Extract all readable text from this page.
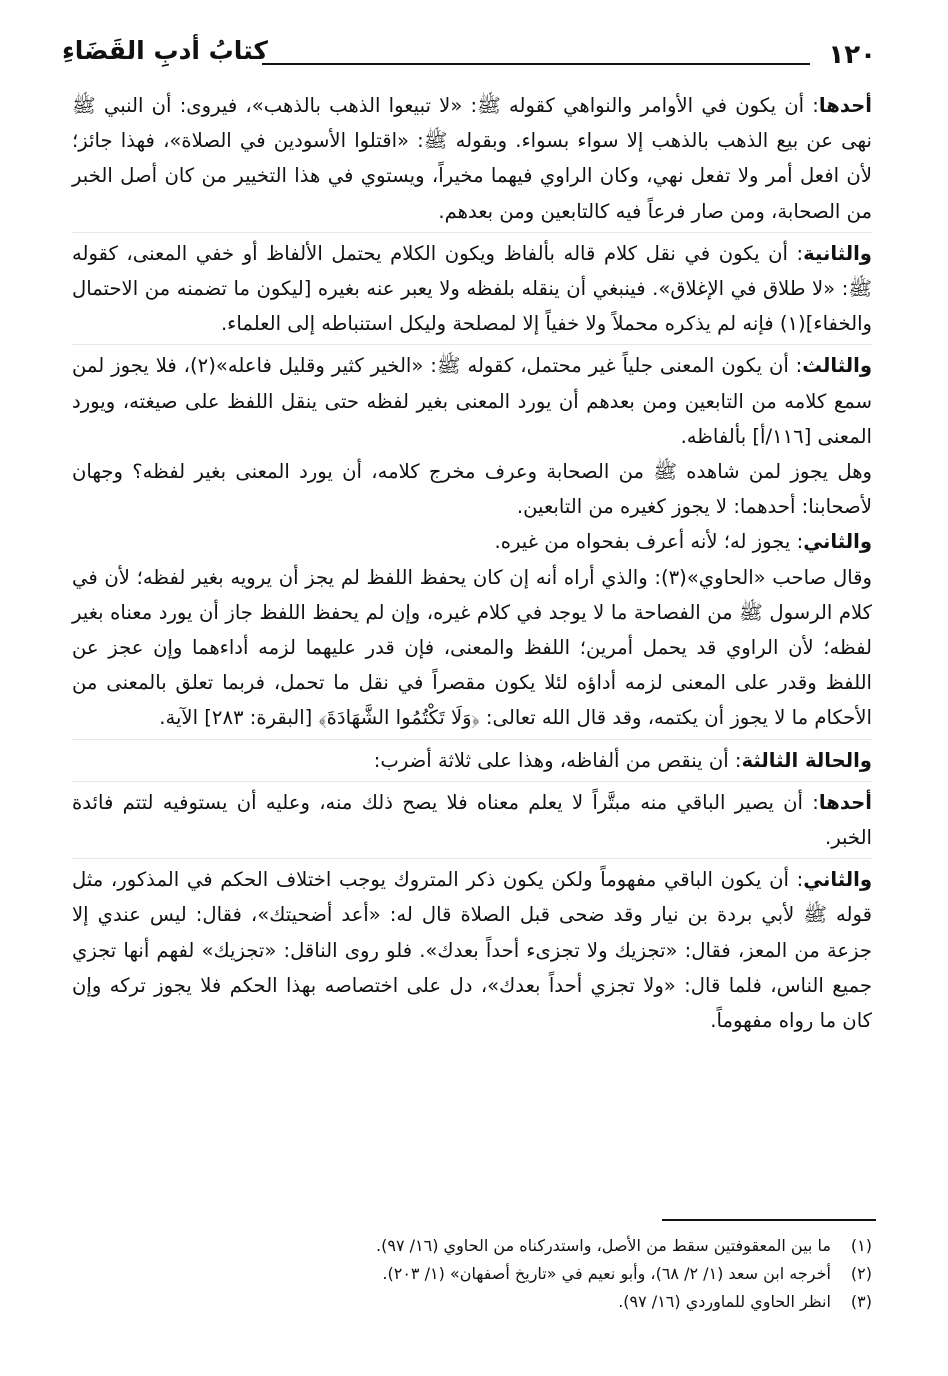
١٢٠
كتابُ أدبِ القَضَاءِ

أحدها: أن يكون في الأوامر والنواهي كقوله ﷺ: «لا تبيعوا الذهب بالذهب»، فيروى: أن النبي ﷺ نهى عن بيع الذهب بالذهب إلا سواء بسواء. وبقوله ﷺ: «اقتلوا الأسودين في الصلاة»، فهذا جائز؛ لأن افعل أمر ولا تفعل نهي، وكان الراوي فيهما مخيراً، ويستوي في هذا التخيير من كان أصل الخبر من الصحابة، ومن صار فرعاً فيه كالتابعين ومن بعدهم.

والثانية: أن يكون في نقل كلام قاله بألفاظ ويكون الكلام يحتمل الألفاظ أو خفي المعنى، كقوله ﷺ: «لا طلاق في الإغلاق». فينبغي أن ينقله بلفظه ولا يعبر عنه بغيره [ليكون ما تضمنه من الاحتمال والخفاء](١) فإنه لم يذكره محملاً ولا خفياً إلا لمصلحة وليكل استنباطه إلى العلماء.

والثالث: أن يكون المعنى جلياً غير محتمل، كقوله ﷺ: «الخير كثير وقليل فاعله»(٢)، فلا يجوز لمن سمع كلامه من التابعين ومن بعدهم أن يورد المعنى بغير لفظه حتى ينقل اللفظ على صيغته، ويورد المعنى [١١٦/أ] بألفاظه.

وهل يجوز لمن شاهده ﷺ من الصحابة وعرف مخرج كلامه، أن يورد المعنى بغير لفظه؟ وجهان لأصحابنا: أحدهما: لا يجوز كغيره من التابعين.

والثاني: يجوز له؛ لأنه أعرف بفحواه من غيره.

وقال صاحب «الحاوي»(٣): والذي أراه أنه إن كان يحفظ اللفظ لم يجز أن يرويه بغير لفظه؛ لأن في كلام الرسول ﷺ من الفصاحة ما لا يوجد في كلام غيره، وإن لم يحفظ اللفظ جاز أن يورد معناه بغير لفظه؛ لأن الراوي قد يحمل أمرين؛ اللفظ والمعنى، فإن قدر عليهما لزمه أداءهما وإن عجز عن اللفظ وقدر على المعنى لزمه أداؤه لئلا يكون مقصراً في نقل ما تحمل، فربما تعلق بالمعنى من الأحكام ما لا يجوز أن يكتمه، وقد قال الله تعالى: ﴿وَلَا تَكْتُمُوا الشَّهَادَةَ﴾ [البقرة: ٢٨٣] الآية.

والحالة الثالثة: أن ينقص من ألفاظه، وهذا على ثلاثة أضرب:

أحدها: أن يصير الباقي منه مبتَّراً لا يعلم معناه فلا يصح ذلك منه، وعليه أن يستوفيه لتتم فائدة الخبر.

والثاني: أن يكون الباقي مفهوماً ولكن يكون ذكر المتروك يوجب اختلاف الحكم في المذكور، مثل قوله ﷺ لأبي بردة بن نيار وقد ضحى قبل الصلاة قال له: «أعد أضحيتك»، فقال: ليس عندي إلا جزعة من المعز، فقال: «تجزيك ولا تجزىء أحداً بعدك». فلو روى الناقل: «تجزيك» لفهم أنها تجزي جميع الناس، فلما قال: «ولا تجزي أحداً بعدك»، دل على اختصاصه بهذا الحكم فلا يجوز تركه وإن كان ما رواه مفهوماً.

(١) ما بين المعقوفتين سقط من الأصل، واستدركناه من الحاوي (١٦/ ٩٧).

(٢) أخرجه ابن سعد (١/ ٢/ ٦٨)، وأبو نعيم في «تاريخ أصفهان» (١/ ٢٠٣).

(٣) انظر الحاوي للماوردي (١٦/ ٩٧).
